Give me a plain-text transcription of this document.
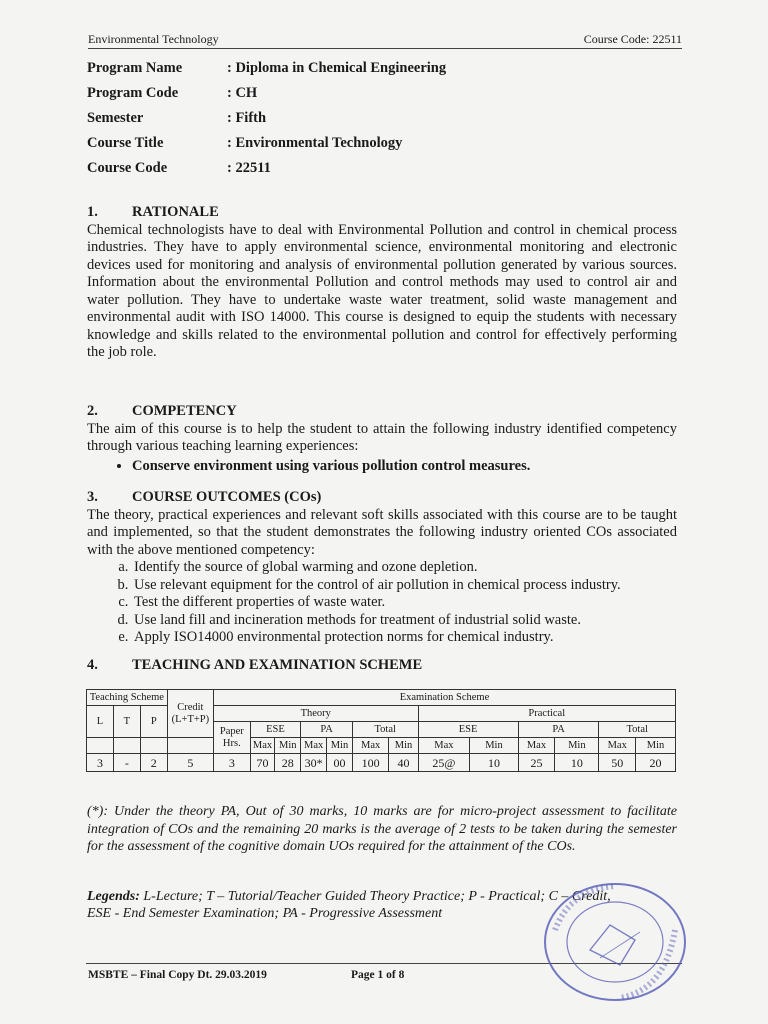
Environmental Technology	Course Code: 22511
Program Name	: Diploma in Chemical Engineering
Program Code	: CH
Semester	: Fifth
Course Title	: Environmental Technology
Course Code	: 22511
1. RATIONALE
Chemical technologists have to deal with Environmental Pollution and control in chemical process industries. They have to apply environmental science, environmental monitoring and electronic devices used for monitoring and analysis of environmental pollution generated by various sources. Information about the environmental Pollution and control methods may used to control air and water pollution. They have to undertake waste water treatment, solid waste management and environmental audit with ISO 14000. This course is designed to equip the students with necessary knowledge and skills related to the environmental pollution and control for effectively performing the job role.
2. COMPETENCY
The aim of this course is to help the student to attain the following industry identified competency through various teaching learning experiences:
• Conserve environment using various pollution control measures.
3. COURSE OUTCOMES (COs)
The theory, practical experiences and relevant soft skills associated with this course are to be taught and implemented, so that the student demonstrates the following industry oriented COs associated with the above mentioned competency:
a. Identify the source of global warming and ozone depletion.
b. Use relevant equipment for the control of air pollution in chemical process industry.
c. Test the different properties of waste water.
d. Use land fill and incineration methods for treatment of industrial solid waste.
e. Apply ISO14000 environmental protection norms for chemical industry.
4. TEACHING AND EXAMINATION SCHEME
Teaching Scheme			Credit (L+T+P)	Examination Scheme												
L	T	P														
				Theory							Practical					
				Paper Hrs.	ESE		PA		Total		ESE		PA		Total	
					Max	Min	Max	Min	Max	Min	Max	Min	Max	Min	Max	Min
3	-	2	5	3	70	28	30*	00	100	40	25@	10	25	10	50	20
(*): Under the theory PA, Out of 30 marks, 10 marks are for micro-project assessment to facilitate integration of COs and the remaining 20 marks is the average of 2 tests to be taken during the semester for the assessment of the cognitive domain UOs required for the attainment of the COs.
Legends: L-Lecture; T – Tutorial/Teacher Guided Theory Practice; P - Practical; C – Credit,
ESE - End Semester Examination; PA - Progressive Assessment
MSBTE – Final Copy Dt. 29.03.2019	Page 1 of 8
